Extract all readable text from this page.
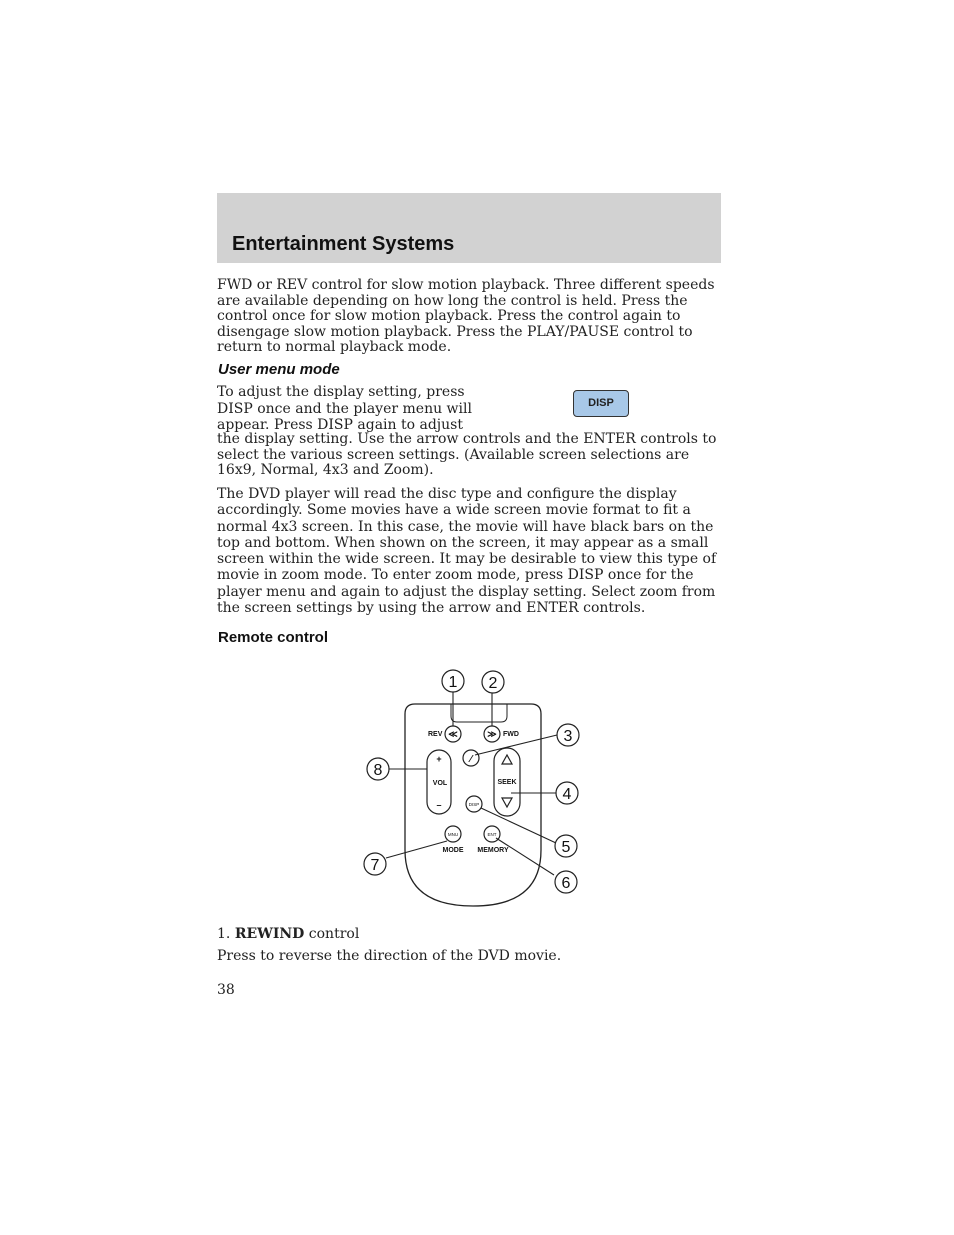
Entertainment Systems

FWD or REV control for slow motion playback. Three different speeds are available depending on how long the control is held. Press the control once for slow motion playback. Press the control again to disengage slow motion playback. Press the PLAY/PAUSE control to return to normal playback mode.

User menu mode
To adjust the display setting, press
DISP once and the player menu will
appear. Press DISP again to adjust
DISP

the display setting. Use the arrow controls and the ENTER controls to select the various screen settings. (Available screen selections are 16x9, Normal, 4x3 and Zoom).

The DVD player will read the disc type and configure the display accordingly. Some movies have a wide screen movie format to fit a normal 4x3 screen. In this case, the movie will have black bars on the top and bottom. When shown on the screen, it may appear as a small screen within the wide screen. It may be desirable to view this type of movie in zoom mode. To enter zoom mode, press DISP once for the player menu and again to adjust the display setting. Select zoom from the screen settings by using the arrow and ENTER controls.

Remote control
≪
REV	≫ FWD
⁄
+
VOL
–
SEEK
DISP
MNU
MODE
ENT
MEMORY
1 2
3
4
5
6
7
8
1. REWIND control

Press to reverse the direction of the DVD movie.

38
